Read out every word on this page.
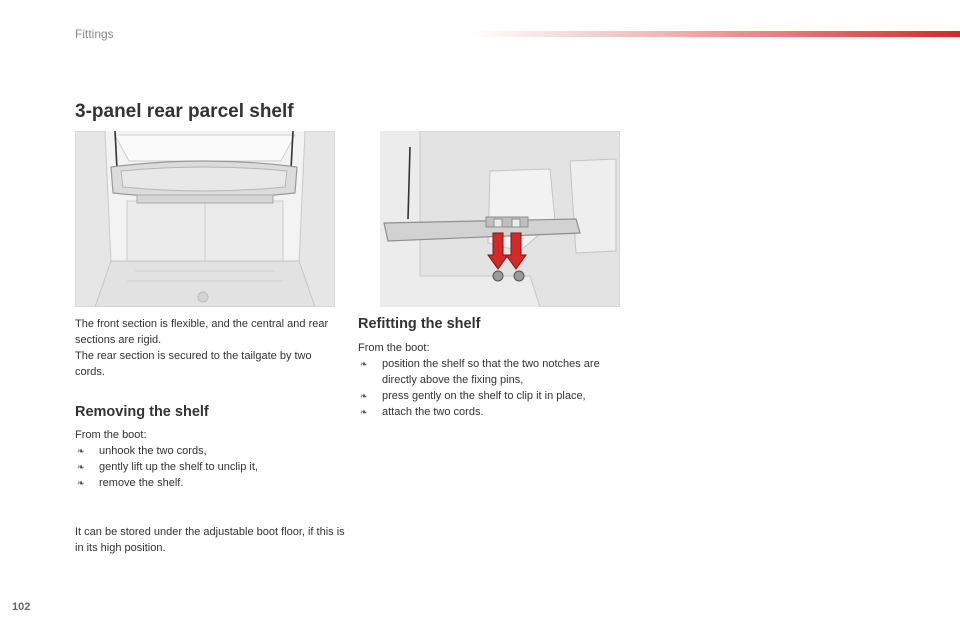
Fittings
3-panel rear parcel shelf

The front section is flexible, and the central and rear sections are rigid.

The rear section is secured to the tailgate by two cords.

Removing the shelf

From the boot:

❧ unhook the two cords,
❧ gently lift up the shelf to unclip it,
❧ remove the shelf.

It can be stored under the adjustable boot floor, if this is in its high position.

Refitting the shelf

From the boot:

❧ position the shelf so that the two notches are directly above the fixing pins,
❧ press gently on the shelf to clip it in place,
❧ attach the two cords.
102
